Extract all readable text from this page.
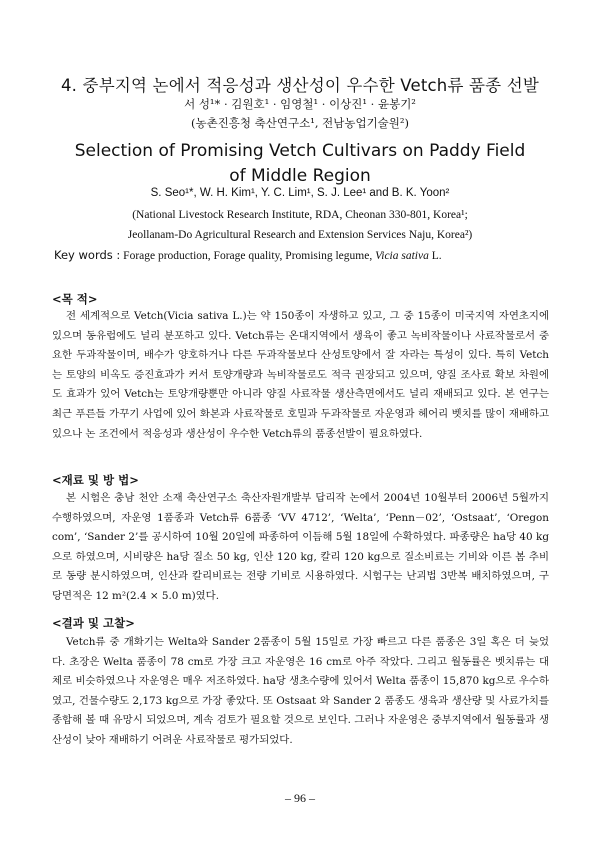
4. 중부지역 논에서 적응성과 생산성이 우수한 Vetch류 품종 선발
서 성¹* · 김원호¹ · 임영철¹ · 이상진¹ · 윤봉기²
(농촌진흥청 축산연구소¹, 전남농업기술원²)
Selection of Promising Vetch Cultivars on Paddy Field
of Middle Region
S. Seo¹*, W. H. Kim¹, Y. C. Lim¹, S. J. Lee¹ and B. K. Yoon²
(National Livestock Research Institute, RDA, Cheonan 330-801, Korea¹;
Jeollanam-Do Agricultural Research and Extension Services Naju, Korea²)
Key words : Forage production, Forage quality, Promising legume, Vicia sativa L.
<목 적>

전 세계적으로 Vetch(Vicia sativa L.)는 약 150종이 자생하고 있고, 그 중 15종이 미국지역 자연초지에 있으며 동유럽에도 널리 분포하고 있다. Vetch류는 온대지역에서 생육이 좋고 녹비작물이나 사료작물로서 중요한 두과작물이며, 배수가 양호하거나 다른 두과작물보다 산성토양에서 잘 자라는 특성이 있다. 특히 Vetch는 토양의 비옥도 증진효과가 커서 토양개량과 녹비작물로도 적극 권장되고 있으며, 양질 조사료 확보 차원에도 효과가 있어 Vetch는 토양개량뿐만 아니라 양질 사료작물 생산측면에서도 널리 재배되고 있다. 본 연구는 최근 푸른들 가꾸기 사업에 있어 화본과 사료작물로 호밀과 두과작물로 자운영과 헤어리 벳치를 많이 재배하고 있으나 논 조건에서 적응성과 생산성이 우수한 Vetch류의 품종선발이 필요하였다.

<재료 및 방 법>

본 시험은 충남 천안 소재 축산연구소 축산자원개발부 답리작 논에서 2004년 10월부터 2006년 5월까지 수행하였으며, 자운영 1품종과 Vetch류 6품종 ‘VV 4712’, ‘Welta’, ‘Penn－02’, ‘Ostsaat’, ‘Oregon com’, ‘Sander 2’를 공시하여 10월 20일에 파종하여 이듬해 5월 18일에 수확하였다. 파종량은 ha당 40 kg으로 하였으며, 시비량은 ha당 질소 50 kg, 인산 120 kg, 칼리 120 kg으로 질소비료는 기비와 이른 봄 추비로 동량 분시하였으며, 인산과 칼리비료는 전량 기비로 시용하였다. 시험구는 난괴법 3반복 배치하였으며, 구당면적은 12 m²(2.4 × 5.0 m)였다.

<결과 및 고찰>

Vetch류 중 개화기는 Welta와 Sander 2품종이 5월 15일로 가장 빠르고 다른 품종은 3일 혹은 더 늦었다. 초장은 Welta 품종이 78 cm로 가장 크고 자운영은 16 cm로 아주 작았다. 그리고 월동률은 벳치류는 대체로 비슷하였으나 자운영은 매우 저조하였다. ha당 생초수량에 있어서 Welta 품종이 15,870 kg으로 우수하였고, 건물수량도 2,173 kg으로 가장 좋았다. 또 Ostsaat 와 Sander 2 품종도 생육과 생산량 및 사료가치를 종합해 볼 때 유망시 되었으며, 계속 검토가 필요할 것으로 보인다. 그러나 자운영은 중부지역에서 월동률과 생산성이 낮아 재배하기 어려운 사료작물로 평가되었다.

– 96 –
